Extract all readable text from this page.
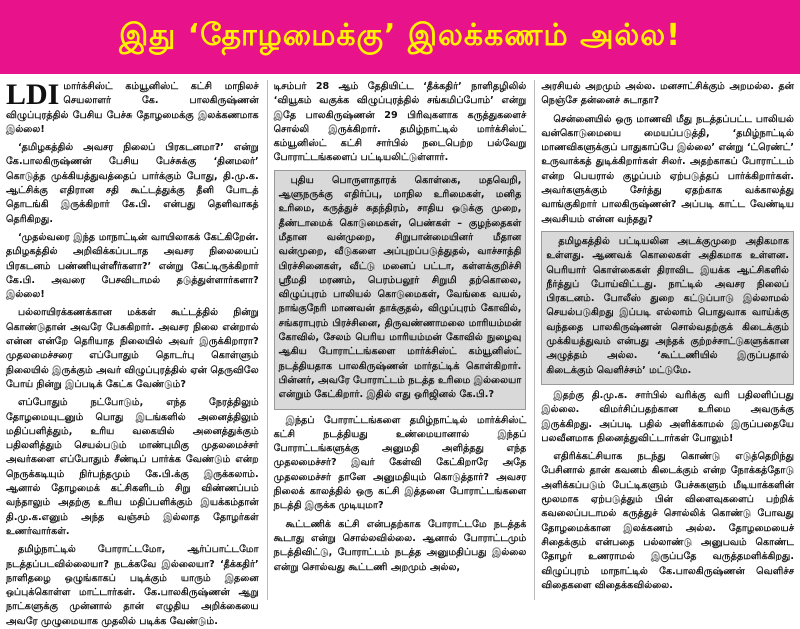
இது ‘தோழமைக்கு’ இலக்கணம் அல்ல!

LDI மார்க்சிஸ்ட் கம்யூனிஸ்ட் கட்சி மாநிலச் செயலாளர் கே. பாலகிருஷ்ணன் விழுப்புரத்தில் பேசிய பேச்சு தோழமைக்கு இலக்கணமாக இல்லை!

‘தமிழகத்தில் அவசர நிலைப் பிரகடனமா?’ என்று கே.பாலகிருஷ்ணன் பேசிய பேச்சுக்கு ‘தினமலர்’ கொடுத்த முக்கியத்துவத்தைப் பார்க்கும் போது, தி.மு.க. ஆட்சிக்கு எதிரான சதி கூட்டத்துக்கு தீனி போடத் தொடங்கி இருக்கிறார் கே.பி. என்பது தெளிவாகத் தெரிகிறது.

‘முதல்வரை இந்த மாநாட்டின் வாயிலாகக் கேட்கிறேன். தமிழகத்தில் அறிவிக்கப்படாத அவசர நிலையைப் பிரகடனம் பண்ணியுள்ளீர்களா?’ என்று கேட்டிருக்கிறார் கே.பி. அவரை பேசவிடாமல் தடுத்துள்ளார்களா? இல்லை!

பல்லாயிரக்கணக்கான மக்கள் கூட்டத்தில் நின்று கொண்டுதான் அவரே பேசுகிறார். அவசர நிலை என்றால் என்ன என்றே தெரியாத நிலையில் அவர் இருக்கிறாரா? முதலமைச்சரை எப்போதும் தொடர்பு கொள்ளும் நிலையில் இருக்கும் அவர் விழுப்புரத்தில் ஏன் தெருவிலே போய் நின்று இப்படிக் கேட்க வேண்டும்?

எப்போதும் நட்போடும், எந்த நேரத்திலும் தோழமையுடனும் பொது இடங்களில் அனைத்திலும் மதிப்பளித்தும், உரிய வகையில் அனைத்துக்கும் பதிலளித்தும் செயல்படும் மாண்புமிகு முதலமைச்சர் அவர்களை எப்போதும் சீண்டிப் பார்க்க வேண்டும் என்ற நெருக்கடியும் நிர்பந்தமும் கே.பி.க்கு இருக்கலாம். ஆனால் தோழமைக் கட்சிகளிடம் சிறு விண்ணப்பம் வந்தாலும் அதற்கு உரிய மதிப்பளிக்கும் இயக்கம்தான் தி.மு.க.எனும் அந்த வஞ்சம் இல்லாத தோழர்கள் உணர்வார்கள்.

தமிழ்நாட்டில் போராட்டமோ, ஆர்ப்பாட்டமோ நடத்தப்படவில்லையா? நடக்கவே இல்லையா? ‘தீக்கதிர்’ நாளிதழை ஒழுங்காகப் படிக்கும் யாரும் இதனை ஒப்புக்கொள்ள மாட்டார்கள். கே.பாலகிருஷ்ணன் ஆறு நாட்களுக்கு முன்னால் தான் எழுதிய அறிக்கையை அவரே முழுமையாக முதலில் படிக்க வேண்டும்.

டிசம்பர் 28 ஆம் தேதியிட்ட ‘தீக்கதிர்’ நாளிதழிலில் ‘வியூகம் வகுக்க விழுப்புரத்தில் சங்கமிப்போம்’ என்று இதே பாலகிருஷ்ணன் 29 பிரிவுகளாக கருத்துகளைச் சொல்லி இருக்கிறார். தமிழ்நாட்டில் மார்க்சிஸ்ட் கம்யூனிஸ்ட் கட்சி சார்பில் நடைபெற்ற பல்வேறு போராட்டங்களைப் பட்டியலிட்டுள்ளார்.

புதிய பொருளாதாரக் கொள்கை, மதவெறி, ஆளுநருக்கு எதிர்ப்பு, மாநில உரிமைகள், மனித உரிமை, கருத்துச் சுதந்திரம், சாதிய ஒடுக்கு முறை, தீண்டாமைக் கொடுமைகள், பெண்கள் – குழந்தைகள் மீதான வன்முறை, சிறுபான்மையினர் மீதான வன்முறை, வீடுகளை அப்புறப்படுத்துதல், வாச்சாத்தி பிரச்சினைகள், வீட்டு மனைப் பட்டா, கள்ளக்குறிச்சி ஸ்ரீமதி மரணம், பெரம்பலூர் சிறுமி தற்கொலை, விழுப்புரம் பாலியல் கொடுமைகள், வேங்கை வயல், நாங்குநேரி மாணவன் தாக்குதல், விழுப்புரம் கோவில், சங்கராபுரம் பிரச்சினை, திருவண்ணாமலை மாரியம்மன் கோவில், சேலம் பெரிய மாரியம்மன் கோவில் நுழைவு ஆகிய போராட்டங்களை மார்க்சிஸ்ட் கம்யூனிஸ்ட் நடத்தியதாக பாலகிருஷ்ணன் மார்தட்டிக் கொள்கிறார். பின்னர், அவரே போராட்டம் நடத்த உரிமை இல்லையா என்றும் கேட்கிறார். இதில் எது ஒரிஜினல் கே.பி.?

இந்தப் போராட்டங்களை தமிழ்நாட்டில் மார்க்சிஸ்ட் கட்சி நடத்தியது உண்மையானால் இந்தப் போராட்டங்களுக்கு அனுமதி அளித்தது எந்த முதலமைச்சர்? இவர் கேள்வி கேட்கிறாரே அதே முதலமைச்சர் தானே அனுமதியும் கொடுத்தார்? அவசர நிலைக் காலத்தில் ஒரு கட்சி இத்தனை போராட்டங்களை நடத்தி இருக்க முடியுமா?

கூட்டணிக் கட்சி என்பதற்காக போராட்டமே நடத்தக் கூடாது என்று சொல்லவில்லை. ஆனால் போராட்டமும் நடத்திவிட்டு, போராட்டம் நடத்த அனுமதிப்பது இல்லை என்று சொல்வது கூட்டணி அறமும் அல்ல,

அரசியல் அறமும் அல்ல. மனசாட்சிக்கும் அறமல்ல. தன் நெஞ்சே தன்னைச் சுடாதா?

சென்னையில் ஒரு மாணவி மீது நடத்தப்பட்ட பாலியல் வன்கொடுமையை மையப்படுத்தி, ‘தமிழ்நாட்டில் மாணவிகளுக்குப் பாதுகாப்பே இல்லை’ என்று ‘ட்ரெண்ட்’ உருவாக்கத் துடிக்கிறார்கள் சிலர். அதற்காகப் போராட்டம் என்ற பெயரால் குழப்பம் ஏற்படுத்தப் பார்க்கிறார்கள். அவர்களுக்கும் சேர்த்து ஏதற்காக வக்காலத்து வாங்குகிறார் பாலகிருஷ்ணன்? அப்படி காட்ட வேண்டிய அவசியம் என்ன வந்தது?

தமிழகத்தில் பட்டியலின அடக்குமுறை அதிகமாக உள்ளது. ஆணவக் கொலைகள் அதிகமாக உள்ளன. பெரியார் கொள்கைகள் திராவிட இயக்க ஆட்சிகளில் நீர்த்துப் போய்விட்டது. நாட்டில் அவசர நிலைப் பிரகடனம். போலீஸ் துறை கட்டுப்பாடு இல்லாமல் செயல்படுகிறது இப்படி எல்லாம் பொதுவாக வாய்க்கு வந்ததை பாலகிருஷ்ணன் சொல்வதற்குக் கிடைக்கும் முக்கியத்துவம் என்பது அந்தக் குற்றச்சாட்டுகளுக்கான அழுத்தம் அல்ல. ‘கூட்டணியில் இருப்பதால் கிடைக்கும் வெளிச்சம்’ மட்டுமே.

இதற்கு தி.மு.க. சார்பில் வரிக்கு வரி பதிலளிப்பது இல்லை. விமர்சிப்பதற்கான உரிமை அவருக்கு இருக்கிறது. அப்படி பதில் அளிக்காமல் இருப்பதையே பலவீனமாக நினைத்துவிட்டார்கள் போலும்!

எதிரிக்கட்சியாக நடந்து கொண்டு எடுத்தெறிந்து பேசினால் தான் கவனம் கிடைக்கும் என்ற நோக்கத்தோடு அளிக்கப்படும் பேட்டிகளும் பேச்சுகளும் மீடியாக்களின் மூலமாக ஏற்படுத்தும் பின் விளைவுகளைப் பற்றிக் கவலைப்படாமல் கருத்துச் சொல்லிக் கொண்டு போவது தோழமைக்கான இலக்கணம் அல்ல. தோழமையைச் சிதைக்கும் என்பதை பல்லாண்டு அனுபவம் கொண்ட தோழர் உணராமல் இருப்பதே வருத்தமளிக்கிறது. விழுப்புரம் மாநாட்டில் கே.பாலகிருஷ்ணன் வெளிச்ச விதைகளை விதைக்கவில்லை.
